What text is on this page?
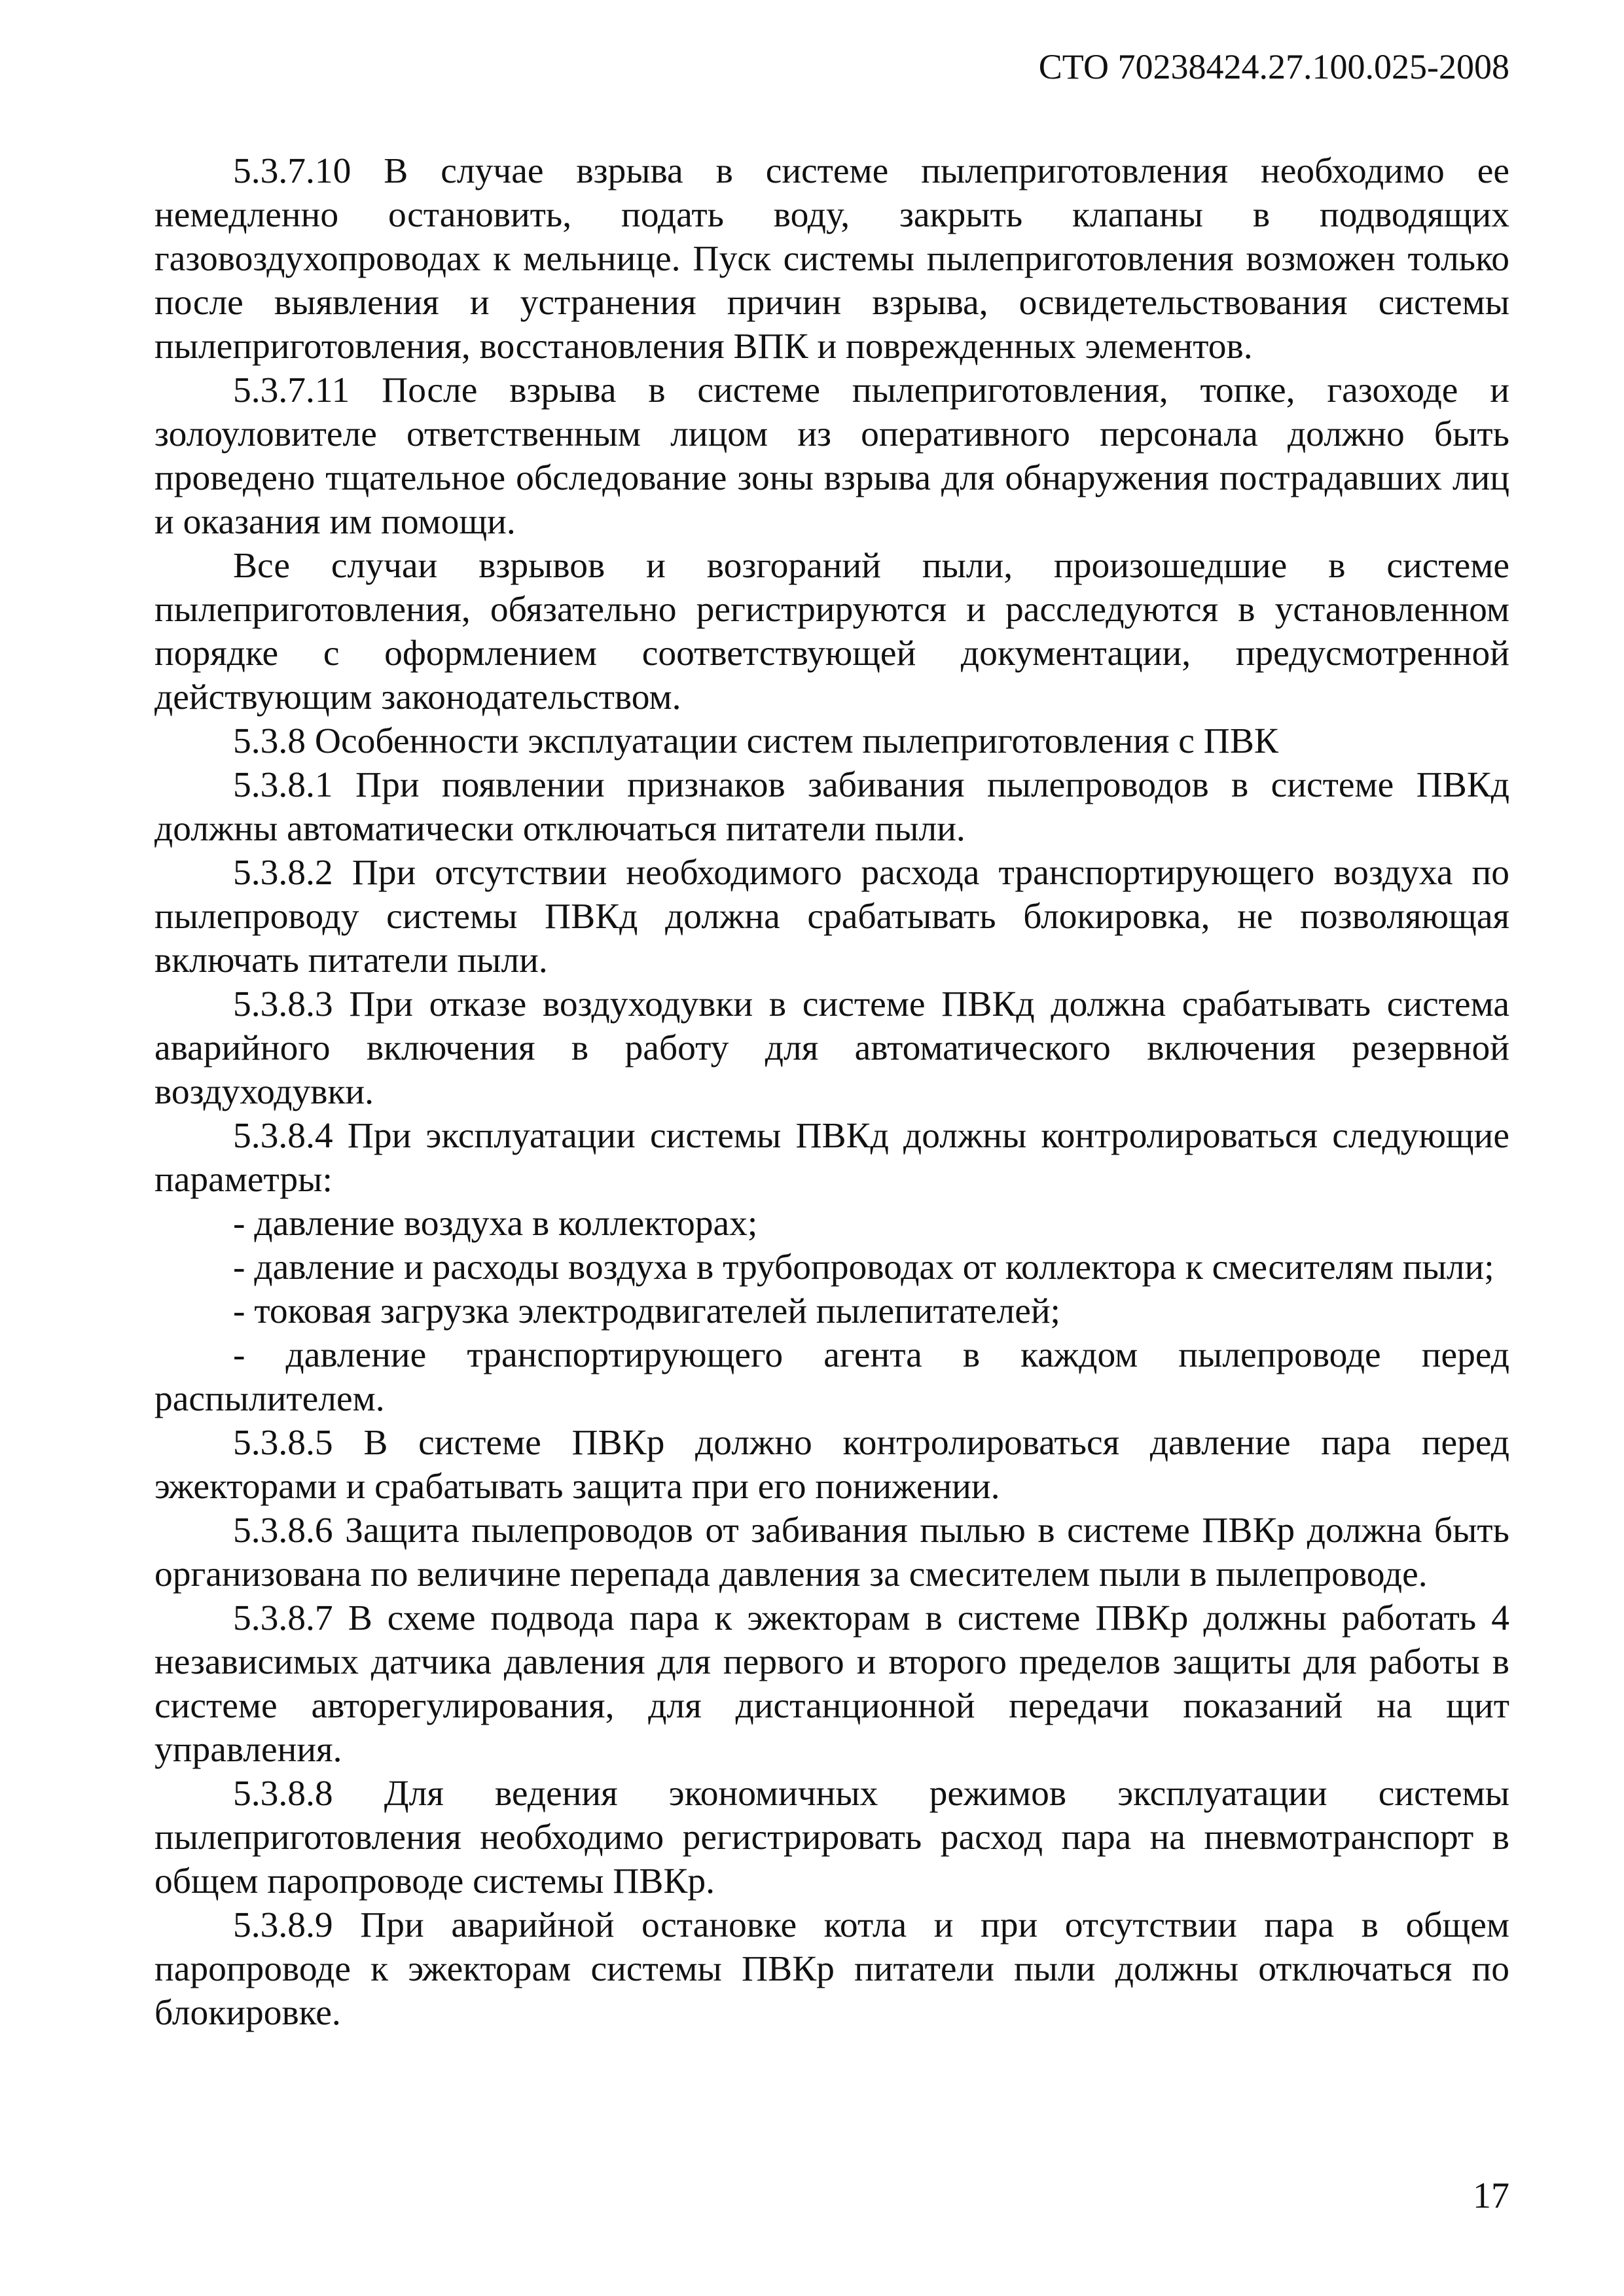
СТО 70238424.27.100.025-2008

5.3.7.10 В случае взрыва в системе пылеприготовления необходимо ее немедленно остановить, подать воду, закрыть клапаны в подводящих газовоздухопроводах к мельнице. Пуск системы пылеприготовления возможен только после выявления и устранения причин взрыва, освидетельствования системы пылеприготовления, восстановления ВПК и поврежденных элементов.

5.3.7.11 После взрыва в системе пылеприготовления, топке, газоходе и золоуловителе ответственным лицом из оперативного персонала должно быть проведено тщательное обследование зоны взрыва для обнаружения пострадавших лиц и оказания им помощи.

Все случаи взрывов и возгораний пыли, произошедшие в системе пылеприготовления, обязательно регистрируются и расследуются в установленном порядке с оформлением соответствующей документации, предусмотренной действующим законодательством.

5.3.8 Особенности эксплуатации систем пылеприготовления с ПВК

5.3.8.1 При появлении признаков забивания пылепроводов в системе ПВКд должны автоматически отключаться питатели пыли.

5.3.8.2 При отсутствии необходимого расхода транспортирующего воздуха по пылепроводу системы ПВКд должна срабатывать блокировка, не позволяющая включать питатели пыли.

5.3.8.3 При отказе воздуходувки в системе ПВКд должна срабатывать система аварийного включения в работу для автоматического включения резервной воздуходувки.

5.3.8.4 При эксплуатации системы ПВКд должны контролироваться следующие параметры:

- давление воздуха в коллекторах;

- давление и расходы воздуха в трубопроводах от коллектора к смесителям пыли;

- токовая загрузка электродвигателей пылепитателей;

- давление транспортирующего агента в каждом пылепроводе перед распылителем.

5.3.8.5 В системе ПВКр должно контролироваться давление пара перед эжекторами и срабатывать защита при его понижении.

5.3.8.6 Защита пылепроводов от забивания пылью в системе ПВКр должна быть организована по величине перепада давления за смесителем пыли в пылепроводе.

5.3.8.7 В схеме подвода пара к эжекторам в системе ПВКр должны работать 4 независимых датчика давления для первого и второго пределов защиты для работы в системе авторегулирования, для дистанционной передачи показаний на щит управления.

5.3.8.8 Для ведения экономичных режимов эксплуатации системы пылеприготовления необходимо регистрировать расход пара на пневмотранспорт в общем паропроводе системы ПВКр.

5.3.8.9 При аварийной остановке котла и при отсутствии пара в общем паропроводе к эжекторам системы ПВКр питатели пыли должны отключаться по блокировке.

17
